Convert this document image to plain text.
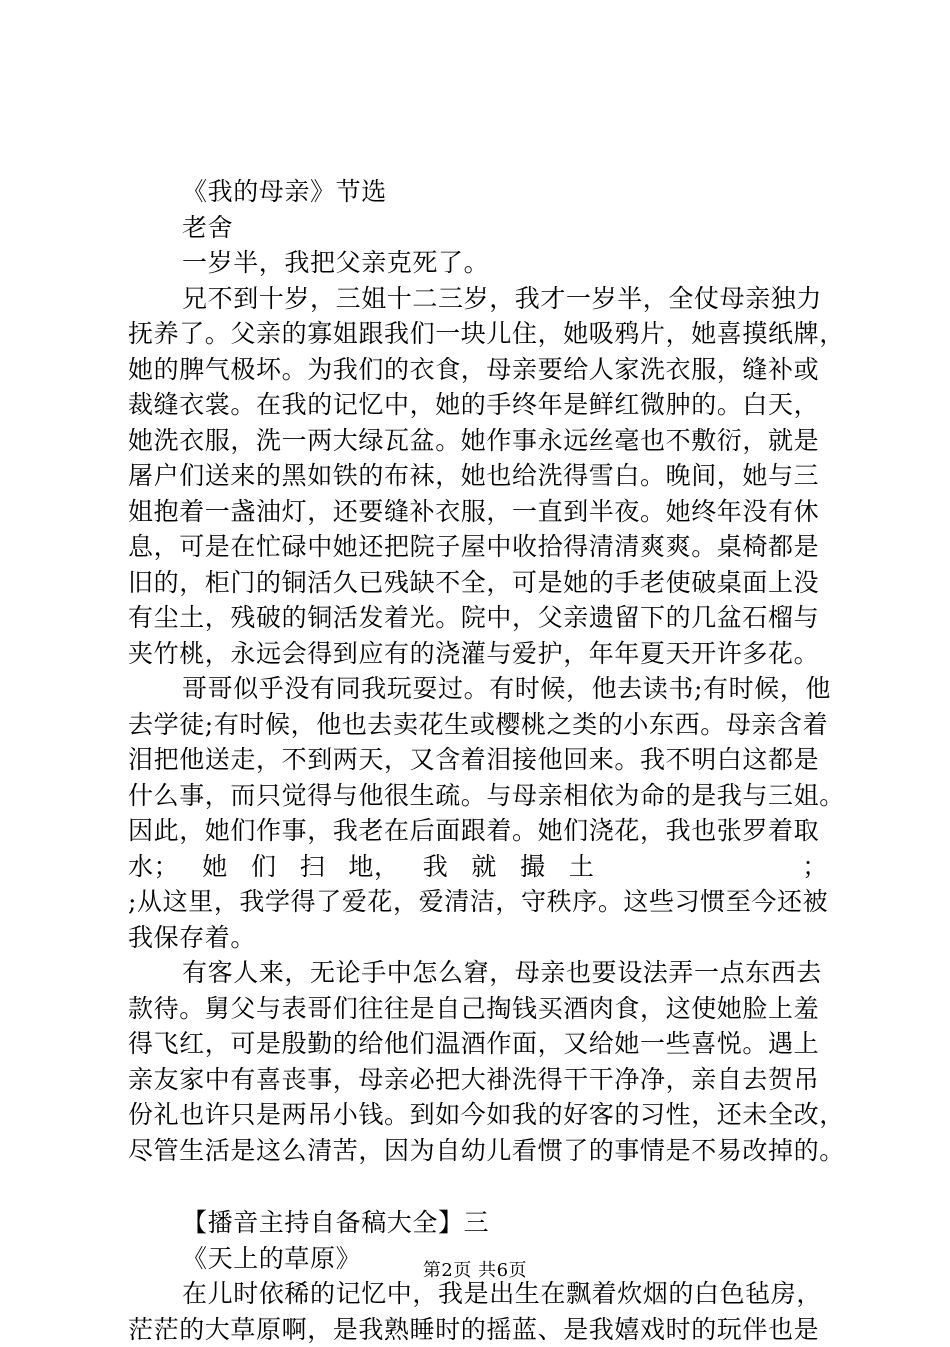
《我的母亲》节选
老舍
一岁半，我把父亲克死了。
兄不到十岁，三姐十二三岁，我才一岁半，全仗母亲独力
抚养了。父亲的寡姐跟我们一块儿住，她吸鸦片，她喜摸纸牌，
她的脾气极坏。为我们的衣食，母亲要给人家洗衣服，缝补或
裁缝衣裳。在我的记忆中，她的手终年是鲜红微肿的。白天，
她洗衣服，洗一两大绿瓦盆。她作事永远丝毫也不敷衍，就是
屠户们送来的黑如铁的布袜，她也给洗得雪白。晚间，她与三
姐抱着一盏油灯，还要缝补衣服，一直到半夜。她终年没有休
息，可是在忙碌中她还把院子屋中收拾得清清爽爽。桌椅都是
旧的，柜门的铜活久已残缺不全，可是她的手老使破桌面上没
有尘土，残破的铜活发着光。院中，父亲遗留下的几盆石榴与
夹竹桃，永远会得到应有的浇灌与爱护，年年夏天开许多花。
哥哥似乎没有同我玩耍过。有时候，他去读书;有时候，他
去学徒;有时候，他也去卖花生或樱桃之类的小东西。母亲含着
泪把他送走，不到两天，又含着泪接他回来。我不明白这都是
什么事，而只觉得与他很生疏。与母亲相依为命的是我与三姐。
因此，她们作事，我老在后面跟着。她们浇花，我也张罗着取
水； 她 们 扫 地， 我 就 撮 土	；
;从这里，我学得了爱花，爱清洁，守秩序。这些习惯至今还被
我保存着。
有客人来，无论手中怎么窘，母亲也要设法弄一点东西去
款待。舅父与表哥们往往是自己掏钱买酒肉食，这使她脸上羞
得飞红，可是殷勤的给他们温酒作面，又给她一些喜悦。遇上
亲友家中有喜丧事，母亲必把大褂洗得干干净净，亲自去贺吊
份礼也许只是两吊小钱。到如今如我的好客的习性，还未全改，
尽管生活是这么清苦，因为自幼儿看惯了的事情是不易改掉的。
【播音主持自备稿大全】三
《天上的草原》
在儿时依稀的记忆中，我是出生在飘着炊烟的白色毡房，
茫茫的大草原啊，是我熟睡时的摇蓝、是我嬉戏时的玩伴也是
第2页 共6页
